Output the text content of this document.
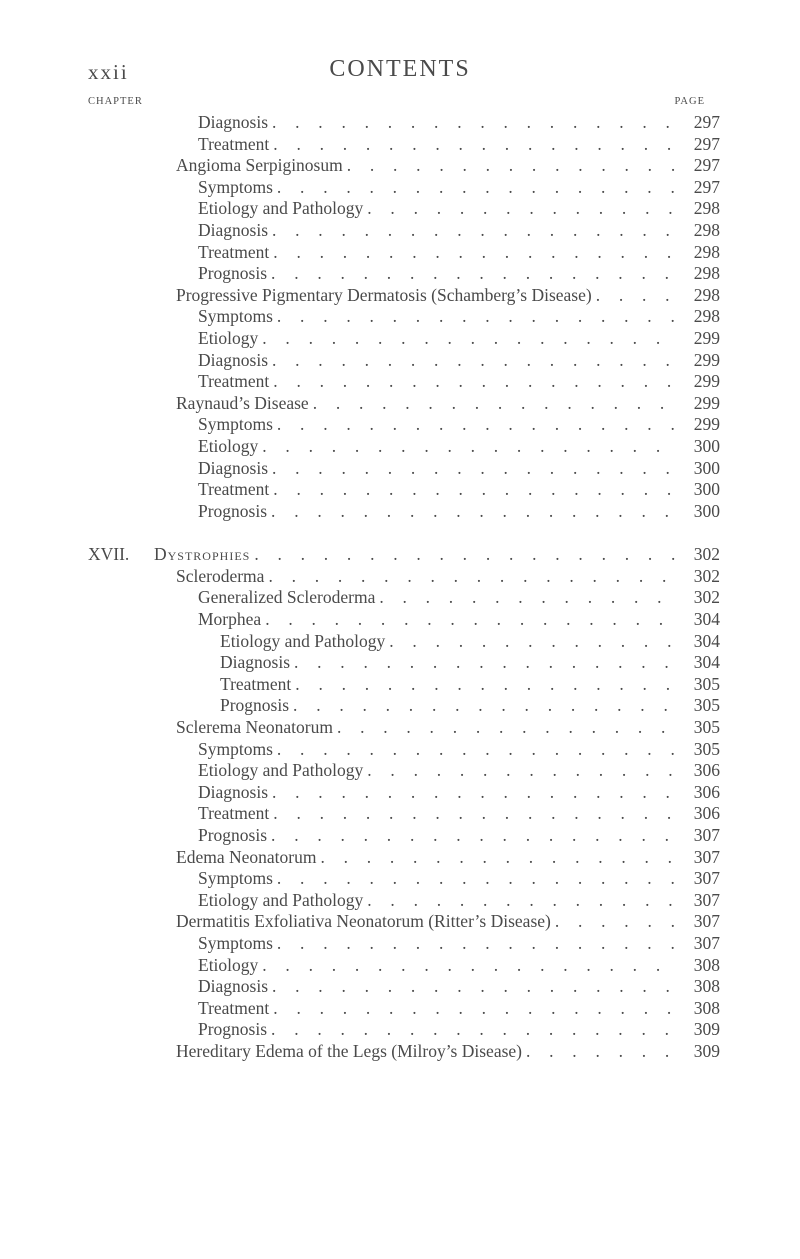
xxii	CONTENTS
CHAPTER	PAGE
Diagnosis . . .	297
Treatment . . .	297
Angioma Serpiginosum . . .	297
Symptoms . . .	297
Etiology and Pathology . . .	298
Diagnosis . . .	298
Treatment . . .	298
Prognosis . . .	298
Progressive Pigmentary Dermatosis (Schamberg’s Disease) . . .	298
Symptoms . . .	298
Etiology . . .	299
Diagnosis . . .	299
Treatment . . .	299
Raynaud’s Disease . . .	299
Symptoms . . .	299
Etiology . . .	300
Diagnosis . . .	300
Treatment . . .	300
Prognosis . . .	300
XVII. Dystrophies . . .	302
Scleroderma . . .	302
Generalized Scleroderma . . .	302
Morphea . . .	304
Etiology and Pathology . . .	304
Diagnosis . . .	304
Treatment . . .	305
Prognosis . . .	305
Sclerema Neonatorum . . .	305
Symptoms . . .	305
Etiology and Pathology . . .	306
Diagnosis . . .	306
Treatment . . .	306
Prognosis . . .	307
Edema Neonatorum . . .	307
Symptoms . . .	307
Etiology and Pathology . . .	307
Dermatitis Exfoliativa Neonatorum (Ritter’s Disease) . . .	307
Symptoms . . .	307
Etiology . . .	308
Diagnosis . . .	308
Treatment . . .	308
Prognosis . . .	309
Hereditary Edema of the Legs (Milroy’s Disease) . . .	309
